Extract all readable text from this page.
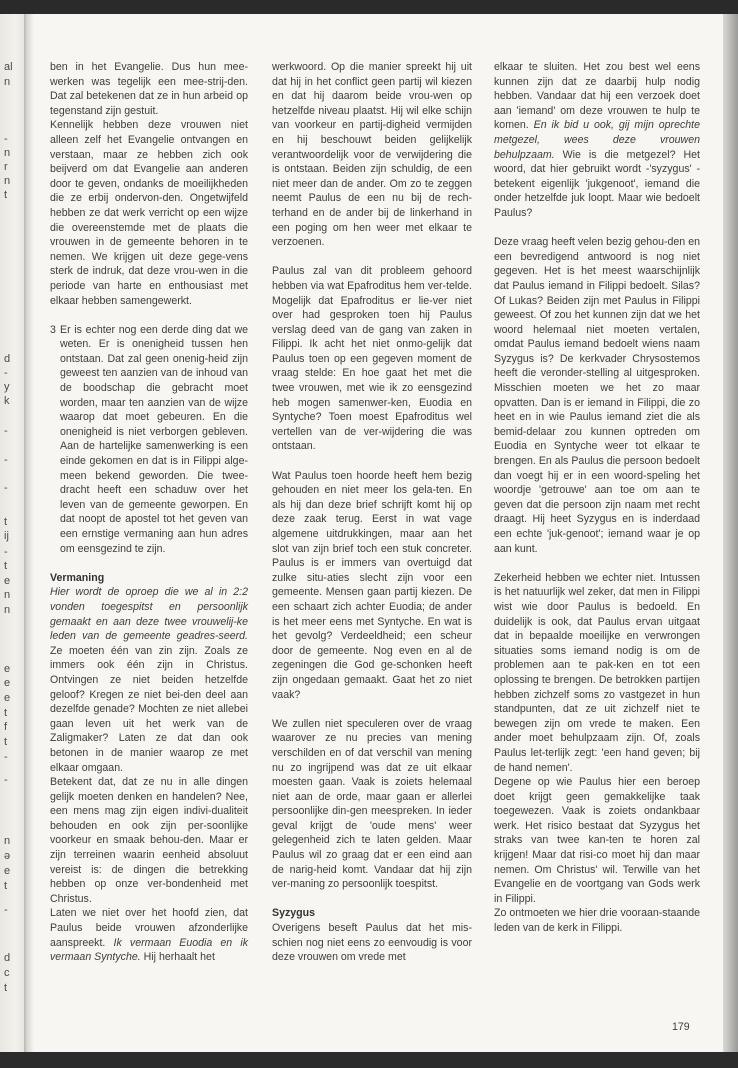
al
n
-
n
r
n
t
d
-
y
k
-
-
-
t
ij
-
t
e
n
n
e
e
e
t
f
t
-
-
n
ə
e
t
-
d
c
t

ben in het Evangelie. Dus hun mee-werken was tegelijk een mee-strij-den. Dat zal betekenen dat ze in hun arbeid op tegenstand zijn gestuit.

Kennelijk hebben deze vrouwen niet alleen zelf het Evangelie ontvangen en verstaan, maar ze hebben zich ook beijverd om dat Evangelie aan anderen door te geven, ondanks de moeilijkheden die ze erbij ondervon-den. Ongetwijfeld hebben ze dat werk verricht op een wijze die overeenstemde met de plaats die vrouwen in de gemeente behoren in te nemen. We krijgen uit deze gege-vens sterk de indruk, dat deze vrou-wen in die periode van harte en enthousiast met elkaar hebben samengewerkt.

3 Er is echter nog een derde ding dat we weten. Er is onenigheid tussen hen ontstaan. Dat zal geen onenig-heid zijn geweest ten aanzien van de inhoud van de boodschap die gebracht moet worden, maar ten aanzien van de wijze waarop dat moet gebeuren. En die onenigheid is niet verborgen gebleven. Aan de hartelijke samenwerking is een einde gekomen en dat is in Filippi alge-meen bekend geworden. Die twee-dracht heeft een schaduw over het leven van de gemeente geworpen. En dat noopt de apostel tot het geven van een ernstige vermaning aan hun adres om eensgezind te zijn.

Vermaning

Hier wordt de oproep die we al in 2:2 vonden toegespitst en persoonlijk gemaakt en aan deze twee vrouwelij-ke leden van de gemeente geadres-seerd. Ze moeten één van zin zijn. Zoals ze immers ook één zijn in Christus. Ontvingen ze niet beiden hetzelfde geloof? Kregen ze niet bei-den deel aan dezelfde genade? Mochten ze niet allebei gaan leven uit het werk van de Zaligmaker? Laten ze dat dan ook betonen in de manier waarop ze met elkaar omgaan.

Betekent dat, dat ze nu in alle dingen gelijk moeten denken en handelen? Nee, een mens mag zijn eigen indivi-dualiteit behouden en ook zijn per-soonlijke voorkeur en smaak behou-den. Maar er zijn terreinen waarin eenheid absoluut vereist is: de dingen die betrekking hebben op onze ver-bondenheid met Christus.

Laten we niet over het hoofd zien, dat Paulus beide vrouwen afzonderlijke aanspreekt. Ik vermaan Euodia en ik vermaan Syntyche. Hij herhaalt het

werkwoord. Op die manier spreekt hij uit dat hij in het conflict geen partij wil kiezen en dat hij daarom beide vrou-wen op hetzelfde niveau plaatst. Hij wil elke schijn van voorkeur en partij-digheid vermijden en hij beschouwt beiden gelijkelijk verantwoordelijk voor de verwijdering die is ontstaan. Beiden zijn schuldig, de een niet meer dan de ander. Om zo te zeggen neemt Paulus de een nu bij de rech-terhand en de ander bij de linkerhand in een poging om hen weer met elkaar te verzoenen.

Paulus zal van dit probleem gehoord hebben via wat Epafroditus hem ver-telde. Mogelijk dat Epafroditus er lie-ver niet over had gesproken toen hij Paulus verslag deed van de gang van zaken in Filippi. Ik acht het niet onmo-gelijk dat Paulus toen op een gegeven moment de vraag stelde: En hoe gaat het met die twee vrouwen, met wie ik zo eensgezind heb mogen samenwer-ken, Euodia en Syntyche? Toen moest Epafroditus wel vertellen van de ver-wijdering die was ontstaan.

Wat Paulus toen hoorde heeft hem bezig gehouden en niet meer los gela-ten. En als hij dan deze brief schrijft komt hij op deze zaak terug. Eerst in wat vage algemene uitdrukkingen, maar aan het slot van zijn brief toch een stuk concreter. Paulus is er immers van overtuigd dat zulke situ-aties slecht zijn voor een gemeente. Mensen gaan partij kiezen. De een schaart zich achter Euodia; de ander is het meer eens met Syntyche. En wat is het gevolg? Verdeeldheid; een scheur door de gemeente. Nog even en al de zegeningen die God ge-schonken heeft zijn ongedaan gemaakt. Gaat het zo niet vaak?

We zullen niet speculeren over de vraag waarover ze nu precies van mening verschilden en of dat verschil van mening nu zo ingrijpend was dat ze uit elkaar moesten gaan. Vaak is zoiets helemaal niet aan de orde, maar gaan er allerlei persoonlijke din-gen meespreken. In ieder geval krijgt de 'oude mens' weer gelegenheid zich te laten gelden. Maar Paulus wil zo graag dat er een eind aan de narig-heid komt. Vandaar dat hij zijn ver-maning zo persoonlijk toespitst.

Syzygus

Overigens beseft Paulus dat het mis-schien nog niet eens zo eenvoudig is voor deze vrouwen om vrede met

elkaar te sluiten. Het zou best wel eens kunnen zijn dat ze daarbij hulp nodig hebben. Vandaar dat hij een verzoek doet aan 'iemand' om deze vrouwen te hulp te komen. En ik bid u ook, gij mijn oprechte metgezel, wees deze vrouwen behulpzaam. Wie is die metgezel? Het woord, dat hier gebruikt wordt -'syzygus' - betekent eigenlijk 'jukgenoot', iemand die onder hetzelfde juk loopt. Maar wie bedoelt Paulus?

Deze vraag heeft velen bezig gehou-den en een bevredigend antwoord is nog niet gegeven. Het is het meest waarschijnlijk dat Paulus iemand in Filippi bedoelt. Silas? Of Lukas? Beiden zijn met Paulus in Filippi geweest. Of zou het kunnen zijn dat we het woord helemaal niet moeten vertalen, omdat Paulus iemand bedoelt wiens naam Syzygus is? De kerkvader Chrysostemos heeft die veronder-stelling al uitgesproken. Misschien moeten we het zo maar opvatten. Dan is er iemand in Filippi, die zo heet en in wie Paulus iemand ziet die als bemid-delaar zou kunnen optreden om Euodia en Syntyche weer tot elkaar te brengen. En als Paulus die persoon bedoelt dan voegt hij er in een woord-speling het woordje 'getrouwe' aan toe om aan te geven dat die persoon zijn naam met recht draagt. Hij heet Syzygus en is inderdaad een echte 'juk-genoot'; iemand waar je op aan kunt.

Zekerheid hebben we echter niet. Intussen is het natuurlijk wel zeker, dat men in Filippi wist wie door Paulus is bedoeld. En duidelijk is ook, dat Paulus ervan uitgaat dat in bepaalde moeilijke en verwrongen situaties soms iemand nodig is om de problemen aan te pak-ken en tot een oplossing te brengen. De betrokken partijen hebben zichzelf soms zo vastgezet in hun standpunten, dat ze uit zichzelf niet te bewegen zijn om vrede te maken. Een ander moet behulpzaam zijn. Of, zoals Paulus let-terlijk zegt: 'een hand geven; bij de hand nemen'.

Degene op wie Paulus hier een beroep doet krijgt geen gemakkelijke taak toegewezen. Vaak is zoiets ondankbaar werk. Het risico bestaat dat Syzygus het straks van twee kan-ten te horen zal krijgen! Maar dat risi-co moet hij dan maar nemen. Om Christus' wil. Terwille van het Evangelie en de voortgang van Gods werk in Filippi.

Zo ontmoeten we hier drie vooraan-staande leden van de kerk in Filippi.

179
